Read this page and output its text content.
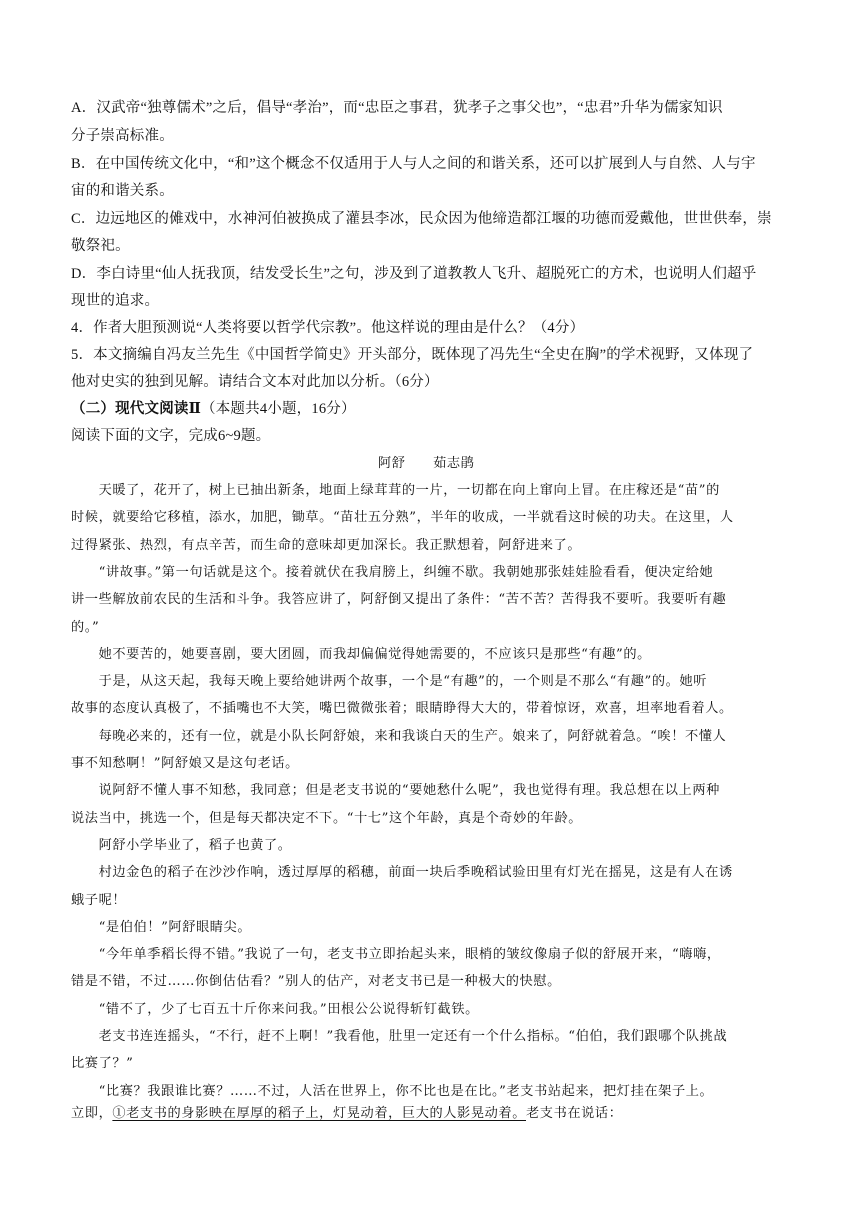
A．汉武帝“独尊儒术”之后，倡导“孝治”，而“忠臣之事君，犹孝子之事父也”，“忠君”升华为儒家知识
分子崇高标准。
B．在中国传统文化中，“和”这个概念不仅适用于人与人之间的和谐关系，还可以扩展到人与自然、人与宇
宙的和谐关系。
C．边远地区的傩戏中，水神河伯被换成了灌县李冰，民众因为他缔造都江堰的功德而爱戴他，世世供奉，崇
敬祭祀。
D．李白诗里“仙人抚我顶，结发受长生”之句，涉及到了道教教人飞升、超脱死亡的方术，也说明人们超乎
现世的追求。
4．作者大胆预测说“人类将要以哲学代宗教”。他这样说的理由是什么？（4分）
5．本文摘编自冯友兰先生《中国哲学简史》开头部分，既体现了冯先生“全史在胸”的学术视野，又体现了
他对史实的独到见解。请结合文本对此加以分析。（6分）
（二）现代文阅读Ⅱ（本题共4小题，16分）
阅读下面的文字，完成6~9题。
阿舒　　茹志鹃
　　天暖了，花开了，树上已抽出新条，地面上绿茸茸的一片，一切都在向上窜向上冒。在庄稼还是“苗”的
时候，就要给它移植，添水，加肥，锄草。“苗壮五分熟”，半年的收成，一半就看这时候的功夫。在这里，人
过得紧张、热烈，有点辛苦，而生命的意味却更加深长。我正默想着，阿舒进来了。
　　“讲故事。”第一句话就是这个。接着就伏在我肩膀上，纠缠不歇。我朝她那张娃娃脸看看，便决定给她
讲一些解放前农民的生活和斗争。我答应讲了，阿舒倒又提出了条件：“苦不苦？苦得我不要听。我要听有趣
的。”
　　她不要苦的，她要喜剧，要大团圆，而我却偏偏觉得她需要的，不应该只是那些“有趣”的。
　　于是，从这天起，我每天晚上要给她讲两个故事，一个是“有趣”的，一个则是不那么“有趣”的。她听
故事的态度认真极了，不插嘴也不大笑，嘴巴微微张着；眼睛睁得大大的，带着惊讶，欢喜，坦率地看着人。
　　每晚必来的，还有一位，就是小队长阿舒娘，来和我谈白天的生产。娘来了，阿舒就着急。“唉！不懂人
事不知愁啊！”阿舒娘又是这句老话。
　　说阿舒不懂人事不知愁，我同意；但是老支书说的“要她愁什么呢”，我也觉得有理。我总想在以上两种
说法当中，挑选一个，但是每天都决定不下。“十七”这个年龄，真是个奇妙的年龄。
　　阿舒小学毕业了，稻子也黄了。
　　村边金色的稻子在沙沙作响，透过厚厚的稻穗，前面一块后季晚稻试验田里有灯光在摇晃，这是有人在诱
蛾子呢！
　　“是伯伯！”阿舒眼睛尖。
　　“今年单季稻长得不错。”我说了一句，老支书立即抬起头来，眼梢的皱纹像扇子似的舒展开来，“嗨嗨，
错是不错，不过……你倒估估看？”别人的估产，对老支书已是一种极大的快慰。
　　“错不了，少了七百五十斤你来问我。”田根公公说得斩钉截铁。
　　老支书连连摇头，“不行，赶不上啊！”我看他，肚里一定还有一个什么指标。“伯伯，我们跟哪个队挑战
比赛了？”
　　“比赛？我跟谁比赛？……不过，人活在世界上，你不比也是在比。”老支书站起来，把灯挂在架子上。
立即，①老支书的身影映在厚厚的稻子上，灯晃动着，巨大的人影晃动着。老支书在说话：
